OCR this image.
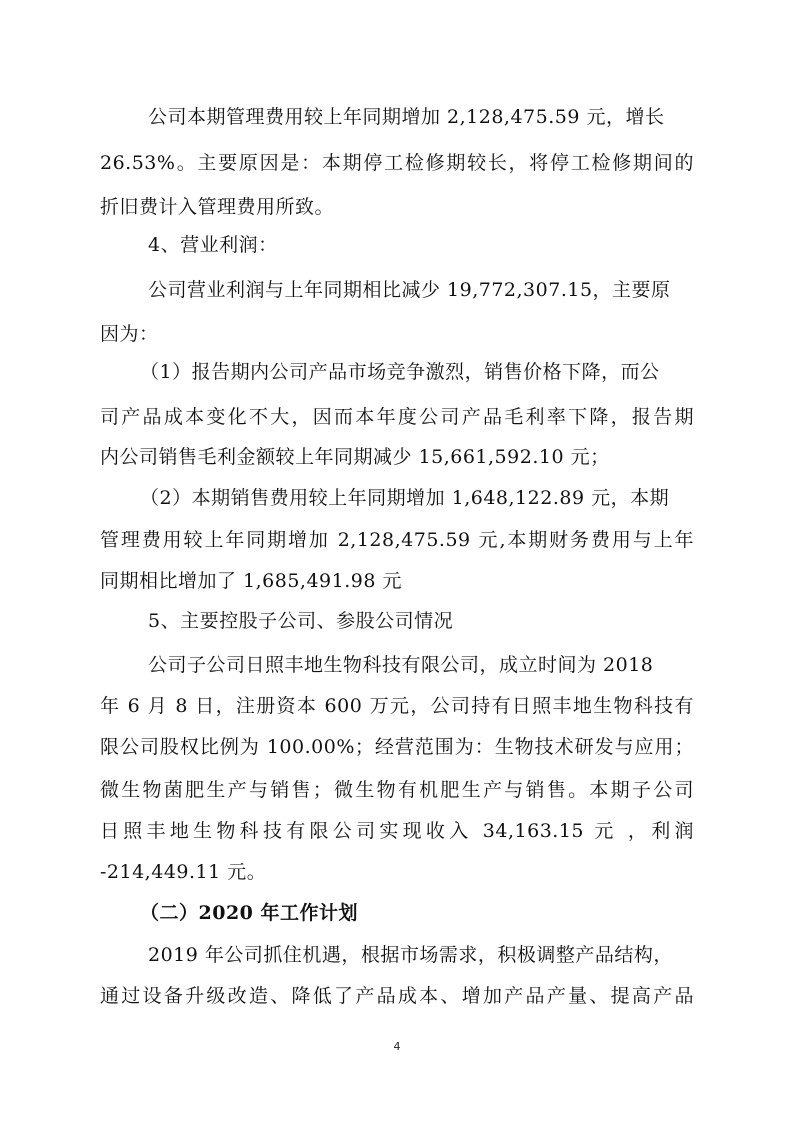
公司本期管理费用较上年同期增加 2,128,475.59 元，增长
26.53%。主要原因是：本期停工检修期较长，将停工检修期间的
折旧费计入管理费用所致。
4、营业利润：
公司营业利润与上年同期相比减少 19,772,307.15，主要原
因为：
（1）报告期内公司产品市场竞争激烈，销售价格下降，而公
司产品成本变化不大，因而本年度公司产品毛利率下降，报告期
内公司销售毛利金额较上年同期减少 15,661,592.10 元；
（2）本期销售费用较上年同期增加 1,648,122.89 元，本期
管理费用较上年同期增加 2,128,475.59 元,本期财务费用与上年
同期相比增加了 1,685,491.98 元
5、主要控股子公司、参股公司情况
公司子公司日照丰地生物科技有限公司，成立时间为 2018
年 6 月 8 日，注册资本 600 万元，公司持有日照丰地生物科技有
限公司股权比例为 100.00%；经营范围为：生物技术研发与应用；
微生物菌肥生产与销售；微生物有机肥生产与销售。本期子公司
日照丰地生物科技有限公司实现收入 34,163.15 元 ，利润
-214,449.11 元。
（二）2020 年工作计划
2019 年公司抓住机遇，根据市场需求，积极调整产品结构，
通过设备升级改造、降低了产品成本、增加产品产量、提高产品
4
